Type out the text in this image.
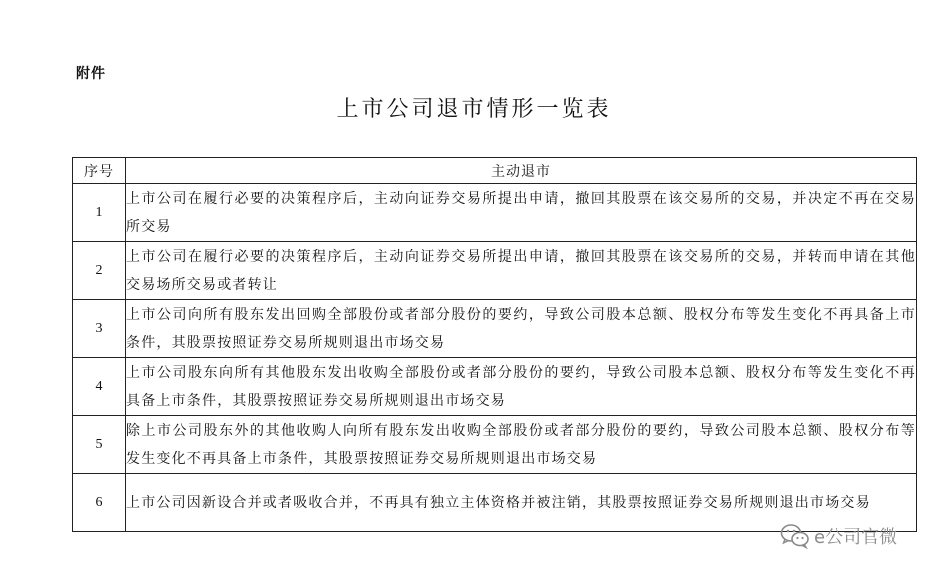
附件
上市公司退市情形一览表
序号	主动退市
1	上市公司在履行必要的决策程序后，主动向证券交易所提出申请，撤回其股票在该交易所的交易，并决定不再在交易所交易
2	上市公司在履行必要的决策程序后，主动向证券交易所提出申请，撤回其股票在该交易所的交易，并转而申请在其他交易场所交易或者转让
3	上市公司向所有股东发出回购全部股份或者部分股份的要约，导致公司股本总额、股权分布等发生变化不再具备上市条件，其股票按照证券交易所规则退出市场交易
4	上市公司股东向所有其他股东发出收购全部股份或者部分股份的要约，导致公司股本总额、股权分布等发生变化不再具备上市条件，其股票按照证券交易所规则退出市场交易
5	除上市公司股东外的其他收购人向所有股东发出收购全部股份或者部分股份的要约，导致公司股本总额、股权分布等发生变化不再具备上市条件，其股票按照证券交易所规则退出市场交易
6	上市公司因新设合并或者吸收合并，不再具有独立主体资格并被注销，其股票按照证券交易所规则退出市场交易
e公司官微
